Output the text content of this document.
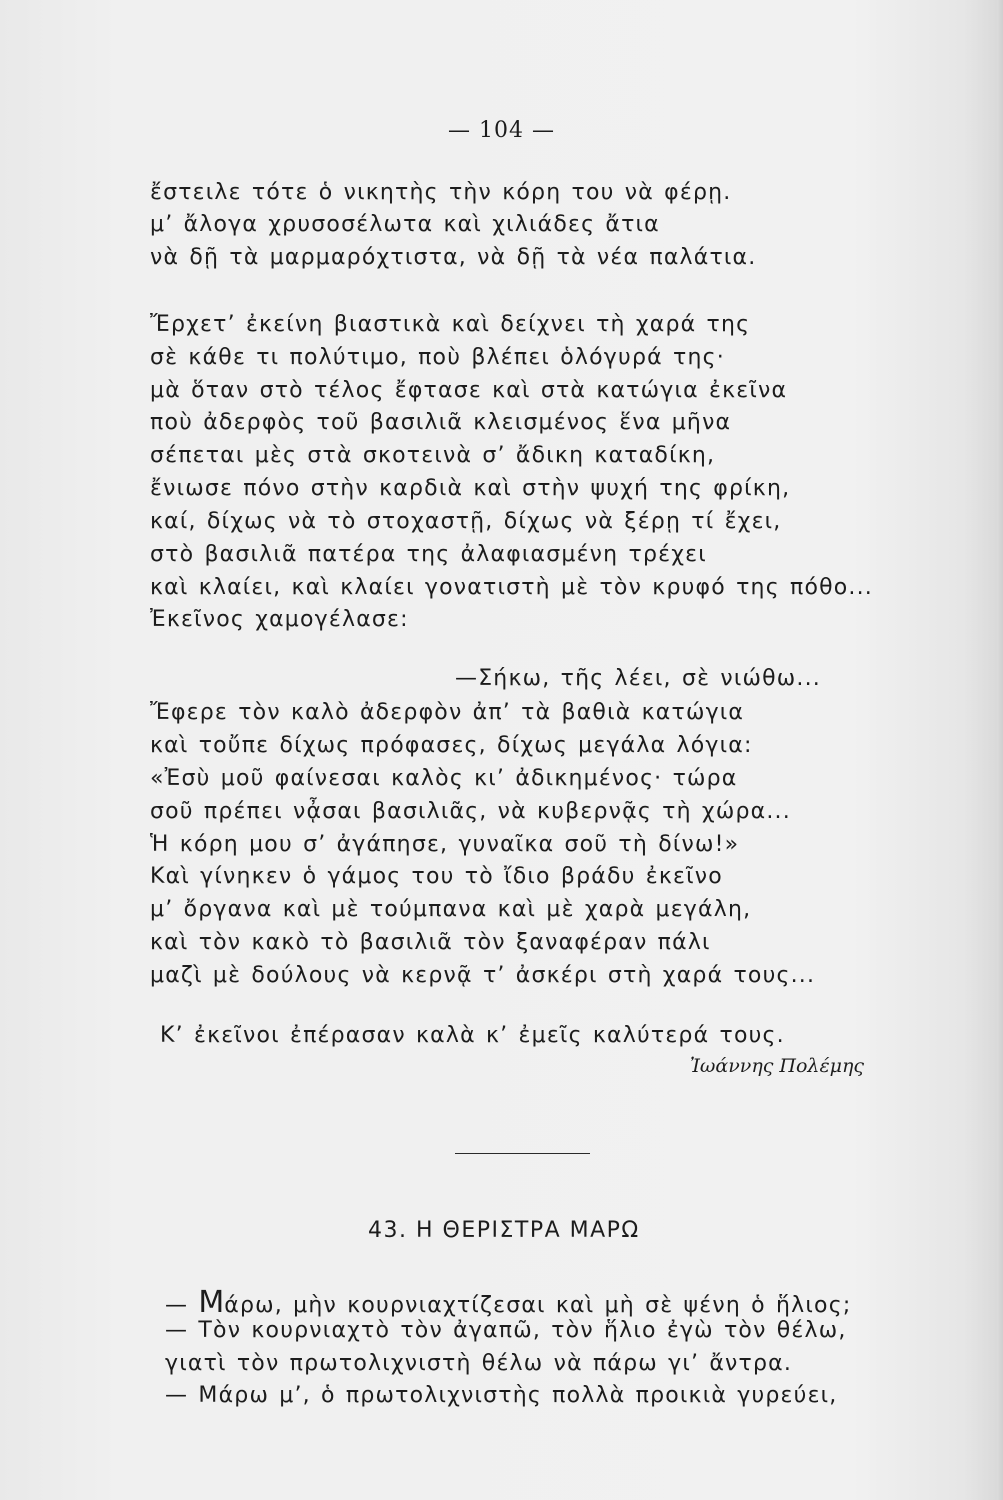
— 104 —
ἔστειλε τότε ὁ νικητὴς τὴν κόρη του νὰ φέρῃ.
μ’ ἄλογα χρυσοσέλωτα καὶ χιλιάδες ἄτια
νὰ δῇ τὰ μαρμαρόχτιστα, νὰ δῇ τὰ νέα παλάτια.
Ἔρχετ’ ἐκείνη βιαστικὰ καὶ δείχνει τὴ χαρά της
σὲ κάθε τι πολύτιμο, ποὺ βλέπει ὁλόγυρά της·
μὰ ὅταν στὸ τέλος ἔφτασε καὶ στὰ κατώγια ἐκεῖνα
ποὺ ἀδερφὸς τοῦ βασιλιᾶ κλεισμένος ἕνα μῆνα
σέπεται μὲς στὰ σκοτεινὰ σ’ ἄδικη καταδίκη,
ἔνιωσε πόνο στὴν καρδιὰ καὶ στὴν ψυχή της φρίκη,
καί, δίχως νὰ τὸ στοχαστῇ, δίχως νὰ ξέρῃ τί ἔχει,
στὸ βασιλιᾶ πατέρα της ἀλαφιασμένη τρέχει
καὶ κλαίει, καὶ κλαίει γονατιστὴ μὲ τὸν κρυφό της πόθο...
Ἐκεῖνος χαμογέλασε:
—Σήκω, τῆς λέει, σὲ νιώθω...
Ἔφερε τὸν καλὸ ἀδερφὸν ἀπ’ τὰ βαθιὰ κατώγια
καὶ τοὔπε δίχως πρόφασες, δίχως μεγάλα λόγια:
«Ἐσὺ μοῦ φαίνεσαι καλὸς κι’ ἀδικημένος· τώρα
σοῦ πρέπει νᾆσαι βασιλιᾶς, νὰ κυβερνᾷς τὴ χώρα...
Ἡ κόρη μου σ’ ἀγάπησε, γυναῖκα σοῦ τὴ δίνω!»
Καὶ γίνηκεν ὁ γάμος του τὸ ἴδιο βράδυ ἐκεῖνο
μ’ ὄργανα καὶ μὲ τούμπανα καὶ μὲ χαρὰ μεγάλη,
καὶ τὸν κακὸ τὸ βασιλιᾶ τὸν ξαναφέραν πάλι
μαζὶ μὲ δούλους νὰ κερνᾷ τ’ ἀσκέρι στὴ χαρά τους...
Κ’ ἐκεῖνοι ἐπέρασαν καλὰ κ’ ἐμεῖς καλύτερά τους.
Ἰωάννης Πολέμης
43. Η ΘΕΡΙΣΤΡΑ ΜΑΡΩ
— Μάρω, μὴν κουρνιαχτίζεσαι καὶ μὴ σὲ ψένη ὁ ἥλιος;
— Τὸν κουρνιαχτὸ τὸν ἀγαπῶ, τὸν ἥλιο ἐγὼ τὸν θέλω,
γιατὶ τὸν πρωτολιχνιστὴ θέλω νὰ πάρω γι’ ἄντρα.
— Μάρω μ’, ὁ πρωτολιχνιστὴς πολλὰ προικιὰ γυρεύει,
